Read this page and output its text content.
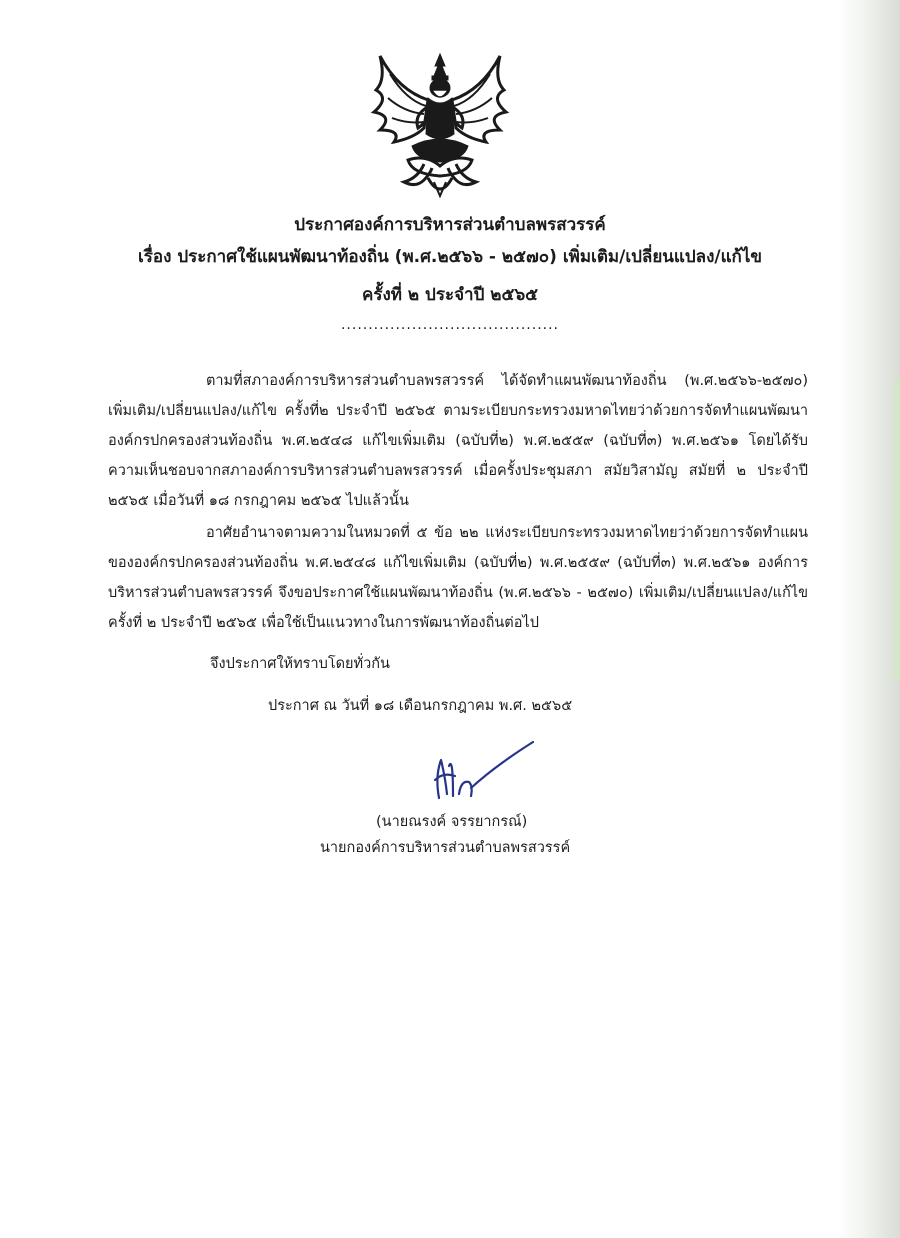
ประกาศองค์การบริหารส่วนตำบลพรสวรรค์
เรื่อง ประกาศใช้แผนพัฒนาท้องถิ่น (พ.ศ.๒๕๖๖ - ๒๕๗๐) เพิ่มเติม/เปลี่ยนแปลง/แก้ไข
ครั้งที่ ๒ ประจำปี ๒๕๖๕
........................................

ตามที่สภาองค์การบริหารส่วนตำบลพรสวรรค์ ได้จัดทำแผนพัฒนาท้องถิ่น (พ.ศ.๒๕๖๖-๒๕๗๐) เพิ่มเติม/เปลี่ยนแปลง/แก้ไข ครั้งที่๒ ประจำปี ๒๕๖๕ ตามระเบียบกระทรวงมหาดไทยว่าด้วยการจัดทำแผนพัฒนาองค์กรปกครองส่วนท้องถิ่น พ.ศ.๒๕๔๘ แก้ไขเพิ่มเติม (ฉบับที่๒) พ.ศ.๒๕๕๙ (ฉบับที่๓) พ.ศ.๒๕๖๑ โดยได้รับความเห็นชอบจากสภาองค์การบริหารส่วนตำบลพรสวรรค์ เมื่อครั้งประชุมสภา สมัยวิสามัญ สมัยที่ ๒ ประจำปี ๒๕๖๕ เมื่อวันที่ ๑๘ กรกฎาคม ๒๕๖๕ ไปแล้วนั้น

อาศัยอำนาจตามความในหมวดที่ ๕ ข้อ ๒๒ แห่งระเบียบกระทรวงมหาดไทยว่าด้วยการจัดทำแผนขององค์กรปกครองส่วนท้องถิ่น พ.ศ.๒๕๔๘ แก้ไขเพิ่มเติม (ฉบับที่๒) พ.ศ.๒๕๕๙ (ฉบับที่๓) พ.ศ.๒๕๖๑ องค์การบริหารส่วนตำบลพรสวรรค์ จึงขอประกาศใช้แผนพัฒนาท้องถิ่น (พ.ศ.๒๕๖๖ - ๒๕๗๐) เพิ่มเติม/เปลี่ยนแปลง/แก้ไข ครั้งที่ ๒ ประจำปี ๒๕๖๕ เพื่อใช้เป็นแนวทางในการพัฒนาท้องถิ่นต่อไป

จึงประกาศให้ทราบโดยทั่วกัน
ประกาศ ณ วันที่ ๑๘ เดือนกรกฎาคม พ.ศ. ๒๕๖๕
(นายณรงค์ จรรยากรณ์)
นายกองค์การบริหารส่วนตำบลพรสวรรค์
